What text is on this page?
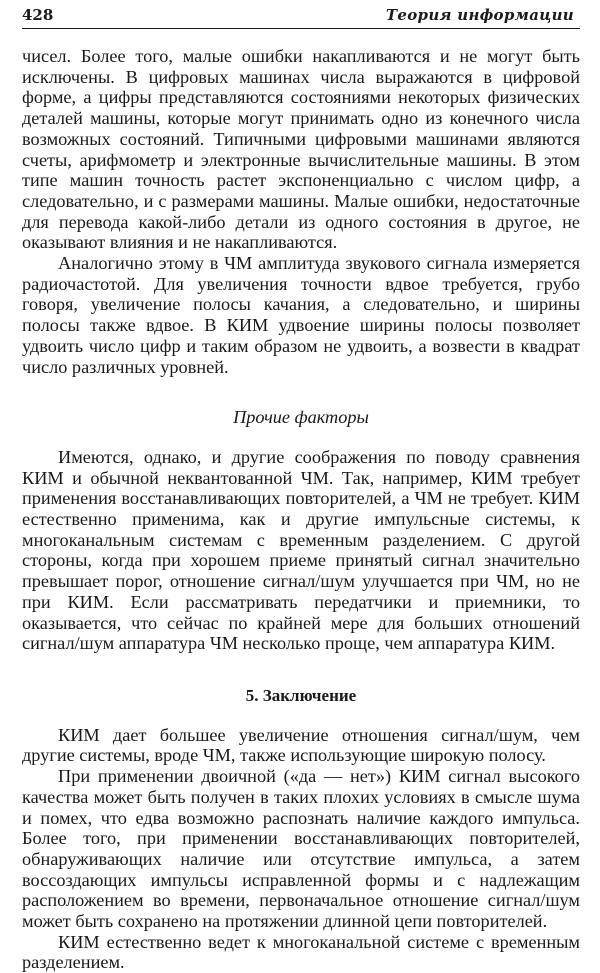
428	Теория информации

чисел. Более того, малые ошибки накапливаются и не могут быть исключены. В цифровых машинах числа выражаются в цифровой форме, а цифры представляются состояниями некоторых физических деталей машины, которые могут принимать одно из конечного числа возможных состояний. Типичными цифровыми машинами являются счеты, арифмометр и электронные вычислительные машины. В этом типе машин точность растет экспоненциально с числом цифр, а следовательно, и с размерами машины. Малые ошибки, недостаточные для перевода какой-либо детали из одного состояния в другое, не оказывают влияния и не накапливаются.

Аналогично этому в ЧМ амплитуда звукового сигнала измеряется радиочастотой. Для увеличения точности вдвое требуется, грубо говоря, увеличение полосы качания, а следовательно, и ширины полосы также вдвое. В КИМ удвоение ширины полосы позволяет удвоить число цифр и таким образом не удвоить, а возвести в квадрат число различных уровней.

Прочие факторы

Имеются, однако, и другие соображения по поводу сравнения КИМ и обычной неквантованной ЧМ. Так, например, КИМ требует применения восстанавливающих повторителей, а ЧМ не требует. КИМ естественно применима, как и другие импульсные системы, к многоканальным системам с временным разделением. С другой стороны, когда при хорошем приеме принятый сигнал значительно превышает порог, отношение сигнал/шум улучшается при ЧМ, но не при КИМ. Если рассматривать передатчики и приемники, то оказывается, что сейчас по крайней мере для больших отношений сигнал/шум аппаратура ЧМ несколько проще, чем аппаратура КИМ.

5. Заключение

КИМ дает большее увеличение отношения сигнал/шум, чем другие системы, вроде ЧМ, также использующие широкую полосу.

При применении двоичной («да — нет») КИМ сигнал высокого качества может быть получен в таких плохих условиях в смысле шума и помех, что едва возможно распознать наличие каждого импульса. Более того, при применении восстанавливающих повторителей, обнаруживающих наличие или отсутствие импульса, а затем воссоздающих импульсы исправленной формы и с надлежащим расположением во времени, первоначальное отношение сигнал/шум может быть сохранено на протяжении длинной цепи повторителей.

КИМ естественно ведет к многоканальной системе с временным разделением.
